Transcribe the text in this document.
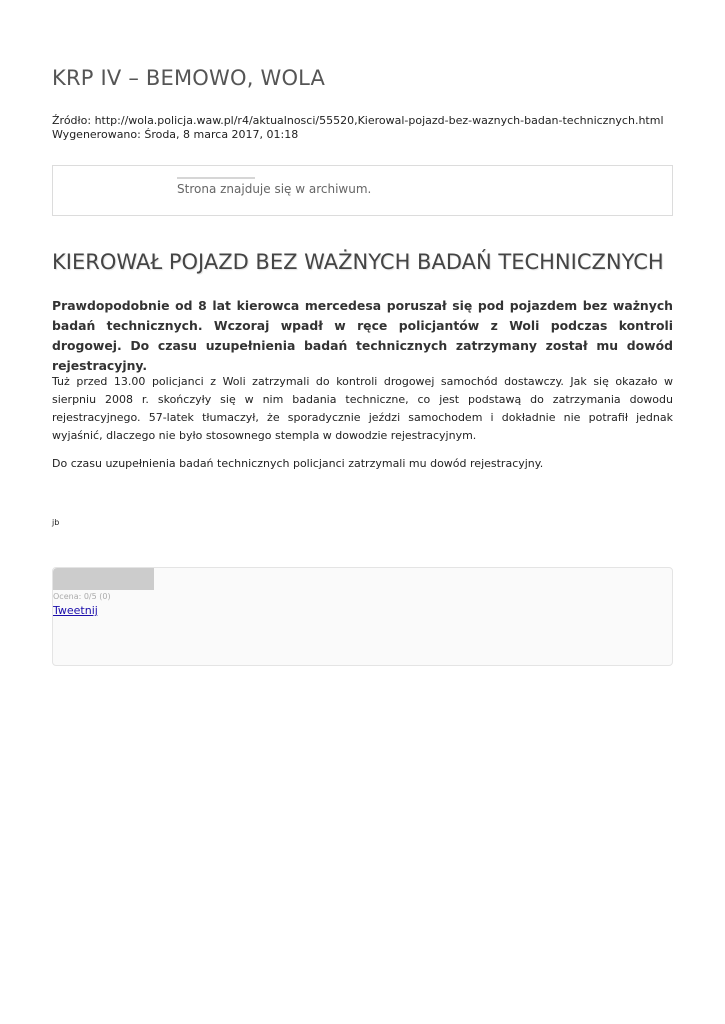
KRP IV – BEMOWO, WOLA
Źródło: http://wola.policja.waw.pl/r4/aktualnosci/55520,Kierowal-pojazd-bez-waznych-badan-technicznych.html
Wygenerowano: Środa, 8 marca 2017, 01:18
Strona znajduje się w archiwum.
KIEROWAŁ POJAZD BEZ WAŻNYCH BADAŃ TECHNICZNYCH

Prawdopodobnie od 8 lat kierowca mercedesa poruszał się pod pojazdem bez ważnych badań technicznych. Wczoraj wpadł w ręce policjantów z Woli podczas kontroli drogowej. Do czasu uzupełnienia badań technicznych zatrzymany został mu dowód rejestracyjny.

Tuż przed 13.00 policjanci z Woli zatrzymali do kontroli drogowej samochód dostawczy. Jak się okazało w sierpniu 2008 r. skończyły się w nim badania techniczne, co jest podstawą do zatrzymania dowodu rejestracyjnego. 57-latek tłumaczył, że sporadycznie jeździ samochodem i dokładnie nie potrafił jednak wyjaśnić, dlaczego nie było stosownego stempla w dowodzie rejestracyjnym.

Do czasu uzupełnienia badań technicznych policjanci zatrzymali mu dowód rejestracyjny.

jb
Ocena: 0/5 (0)
Tweetnij
